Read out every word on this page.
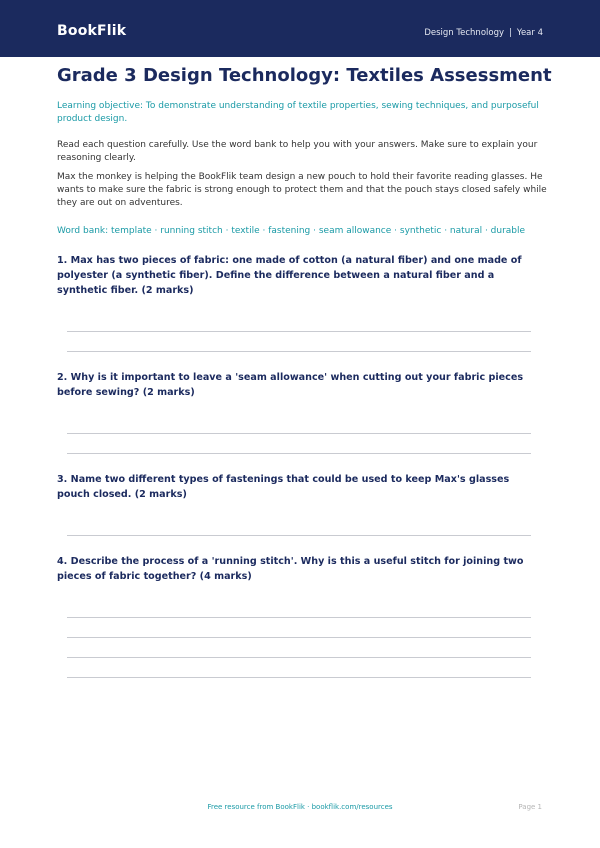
BookFlik	Design Technology | Year 4
Grade 3 Design Technology: Textiles Assessment
Learning objective: To demonstrate understanding of textile properties, sewing techniques, and purposeful product design.
Read each question carefully. Use the word bank to help you with your answers. Make sure to explain your reasoning clearly.
Max the monkey is helping the BookFlik team design a new pouch to hold their favorite reading glasses. He wants to make sure the fabric is strong enough to protect them and that the pouch stays closed safely while they are out on adventures.
Word bank: template · running stitch · textile · fastening · seam allowance · synthetic · natural · durable
1. Max has two pieces of fabric: one made of cotton (a natural fiber) and one made of polyester (a synthetic fiber). Define the difference between a natural fiber and a synthetic fiber. (2 marks)
2. Why is it important to leave a 'seam allowance' when cutting out your fabric pieces before sewing? (2 marks)
3. Name two different types of fastenings that could be used to keep Max's glasses pouch closed. (2 marks)
4. Describe the process of a 'running stitch'. Why is this a useful stitch for joining two pieces of fabric together? (4 marks)
Free resource from BookFlik · bookflik.com/resources	Page 1
